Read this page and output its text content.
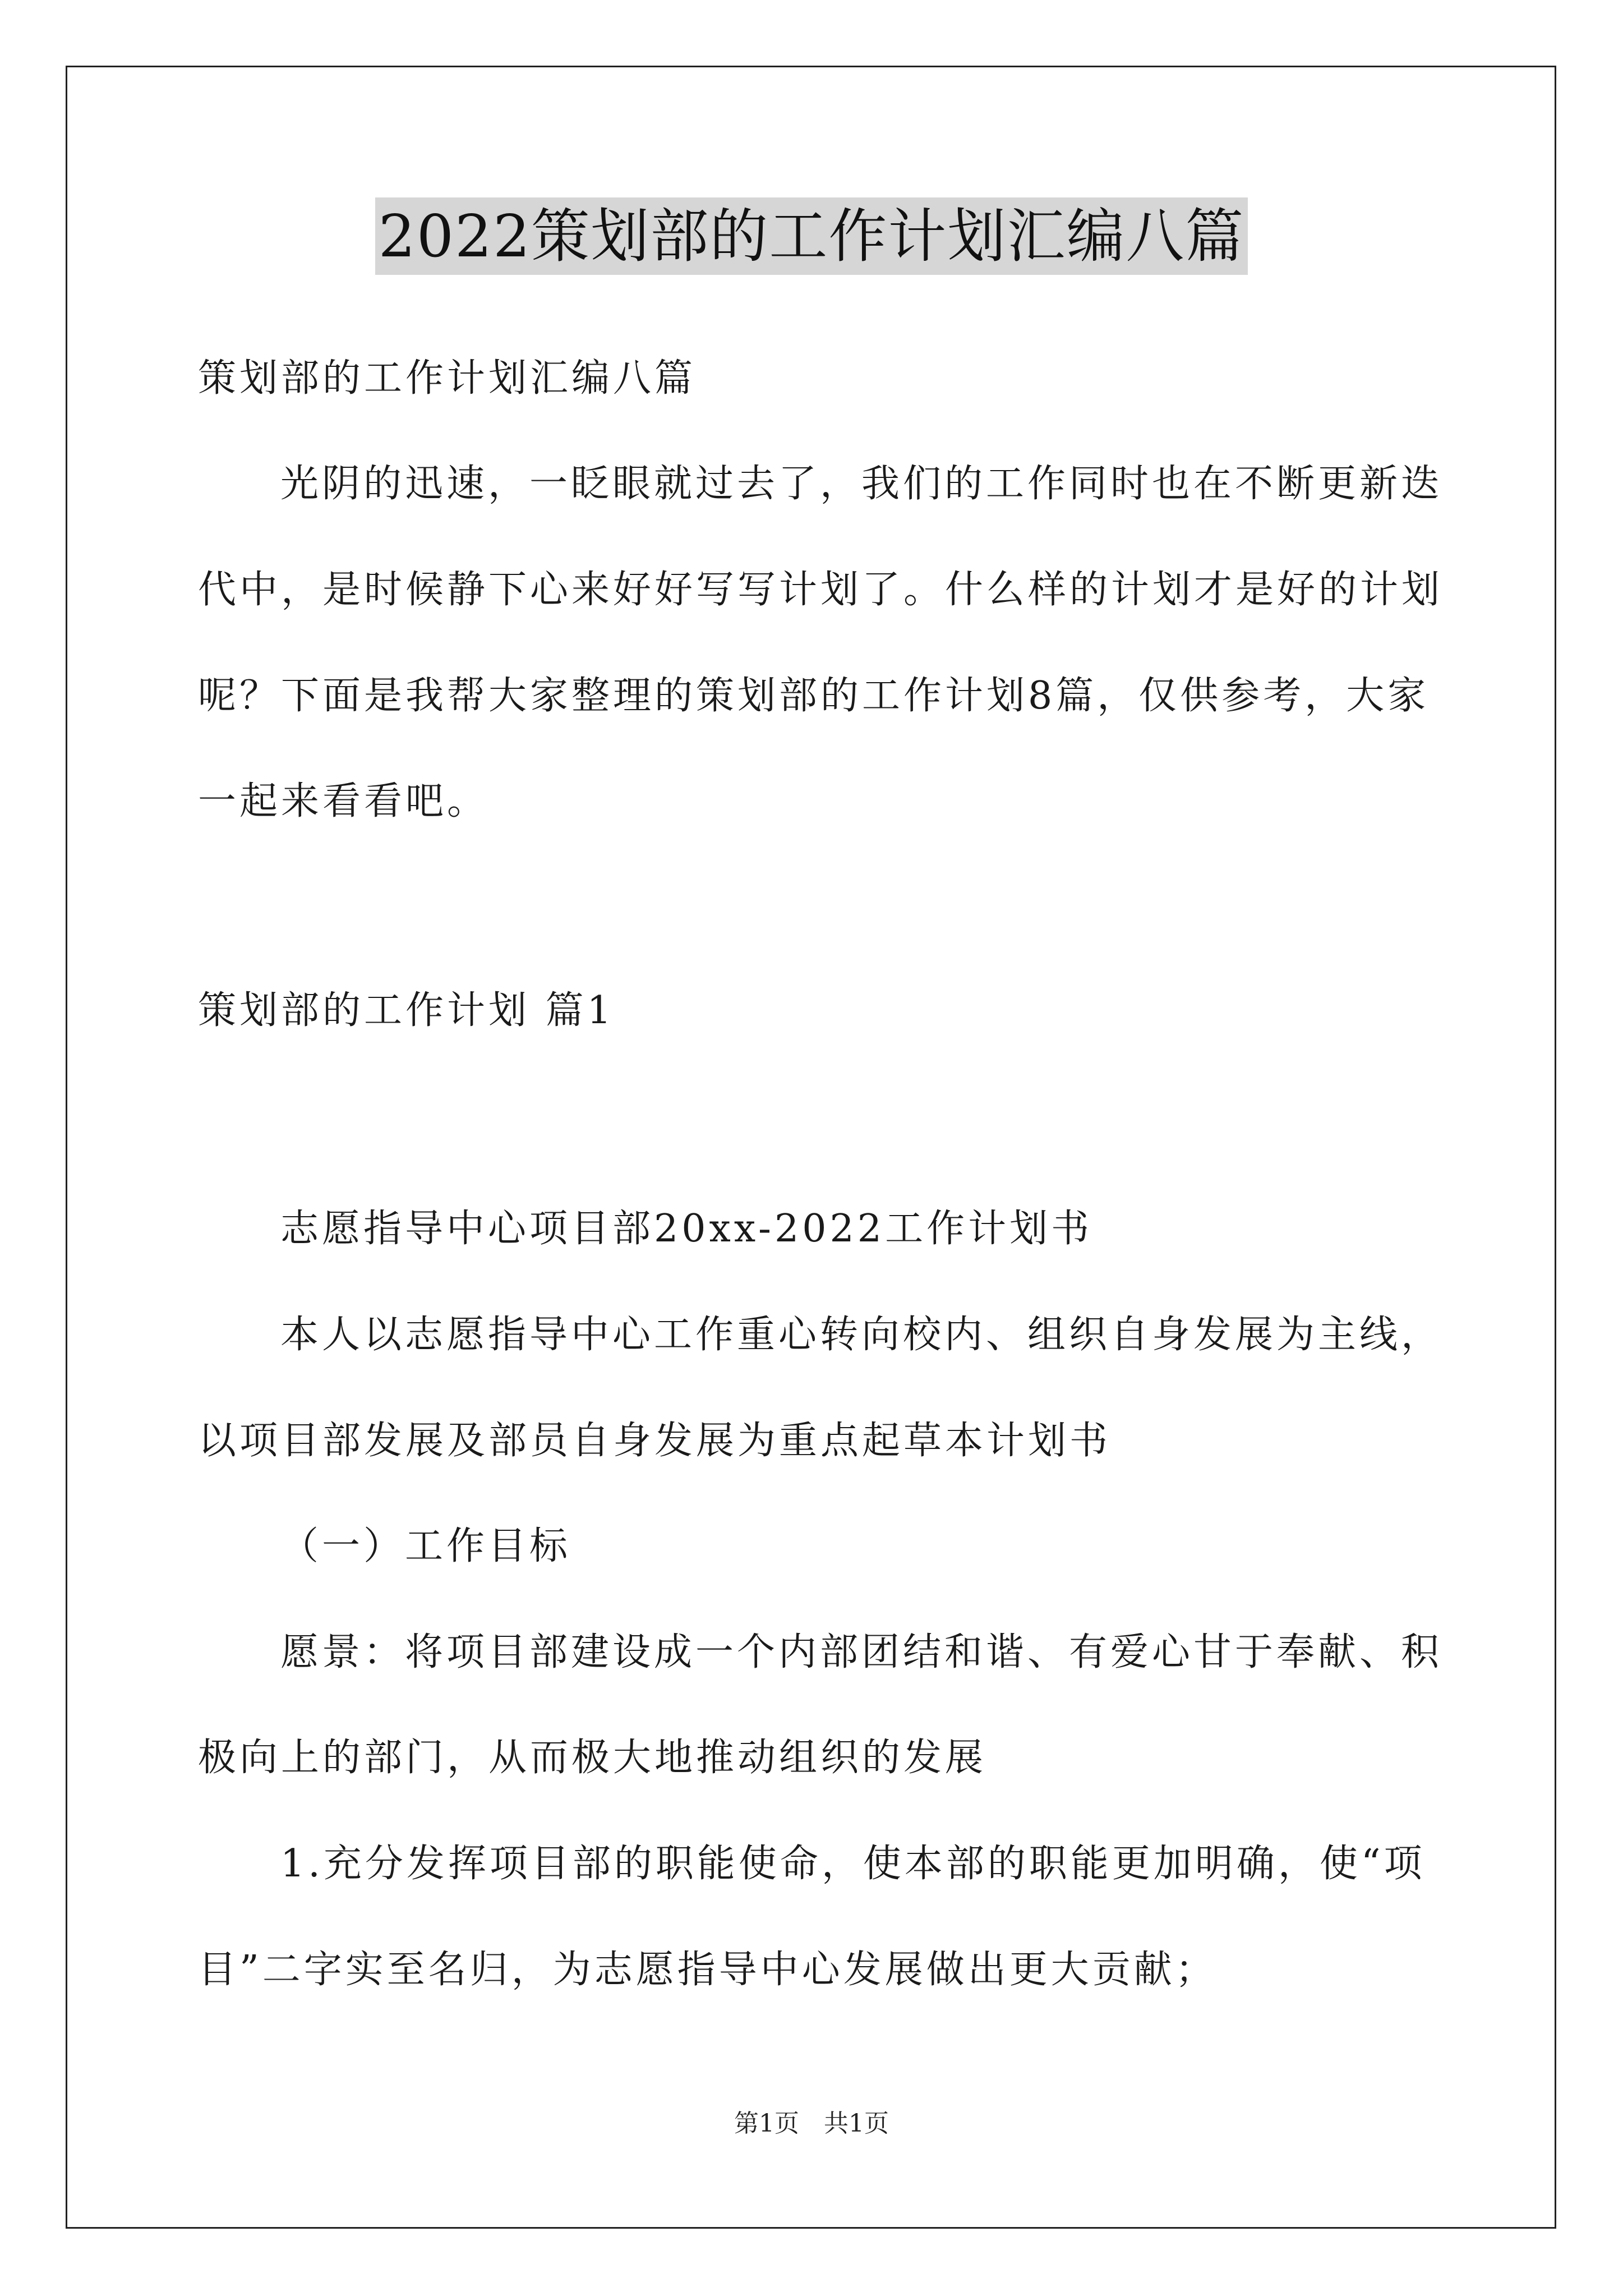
2022策划部的工作计划汇编八篇
策划部的工作计划汇编八篇
光阴的迅速，一眨眼就过去了，我们的工作同时也在不断更新迭
代中，是时候静下心来好好写写计划了。什么样的计划才是好的计划
呢？下面是我帮大家整理的策划部的工作计划8篇，仅供参考，大家
一起来看看吧。
策划部的工作计划 篇1
志愿指导中心项目部20xx-2022工作计划书
本人以志愿指导中心工作重心转向校内、组织自身发展为主线，
以项目部发展及部员自身发展为重点起草本计划书
（一）工作目标
愿景：将项目部建设成一个内部团结和谐、有爱心甘于奉献、积
极向上的部门，从而极大地推动组织的发展
1.充分发挥项目部的职能使命，使本部的职能更加明确，使“项
目”二字实至名归，为志愿指导中心发展做出更大贡献；
第1页　共1页
